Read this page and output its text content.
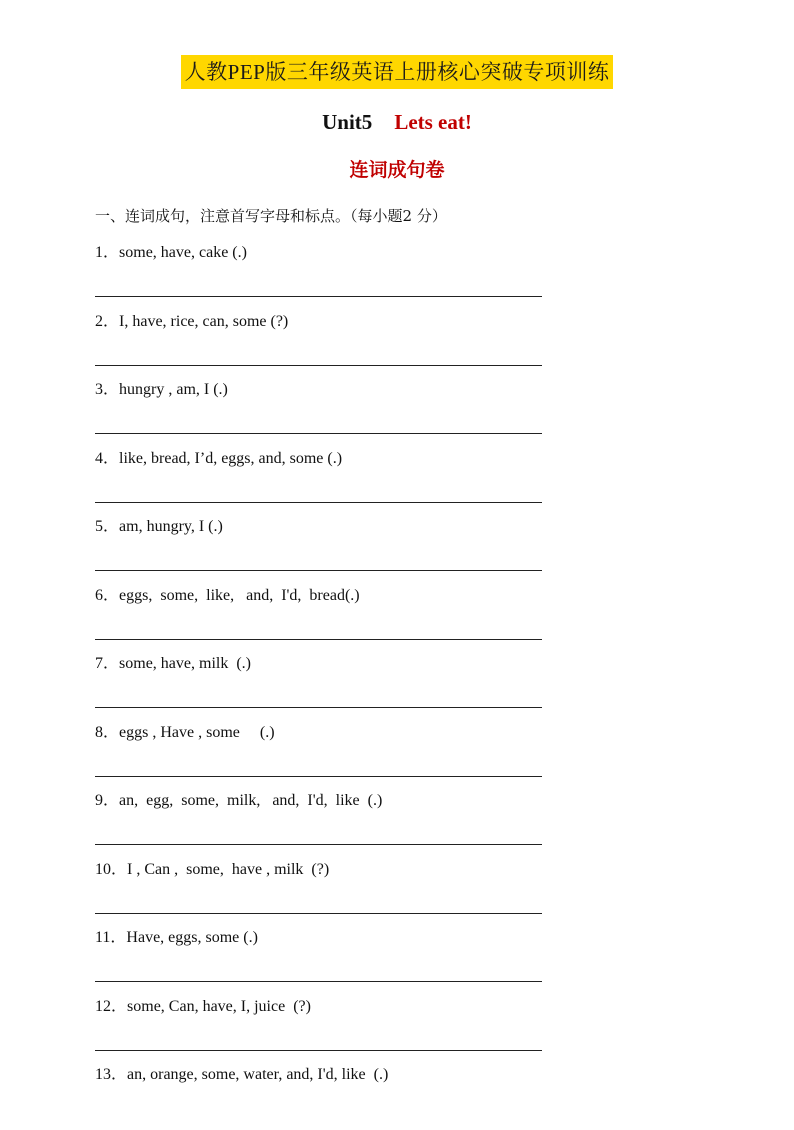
人教PEP版三年级英语上册核心突破专项训练
Unit5 Lets eat!
连词成句卷
一、连词成句，注意首写字母和标点。（每小题2 分）
1．some, have, cake (.)
2．I, have, rice, can, some (?)
3．hungry , am, I (.)
4．like, bread, I’d, eggs, and, some (.)
5．am, hungry, I (.)
6．eggs,  some,  like,   and,  I'd,  bread(.)
7．some, have, milk  (.)
8．eggs , Have , some     (.)
9．an,  egg,  some,  milk,   and,  I'd,  like  (.)
10．I , Can ,  some,  have , milk  (?)
11．Have, eggs, some (.)
12．some, Can, have, I, juice  (?)
13．an, orange, some, water, and, I'd, like  (.)
